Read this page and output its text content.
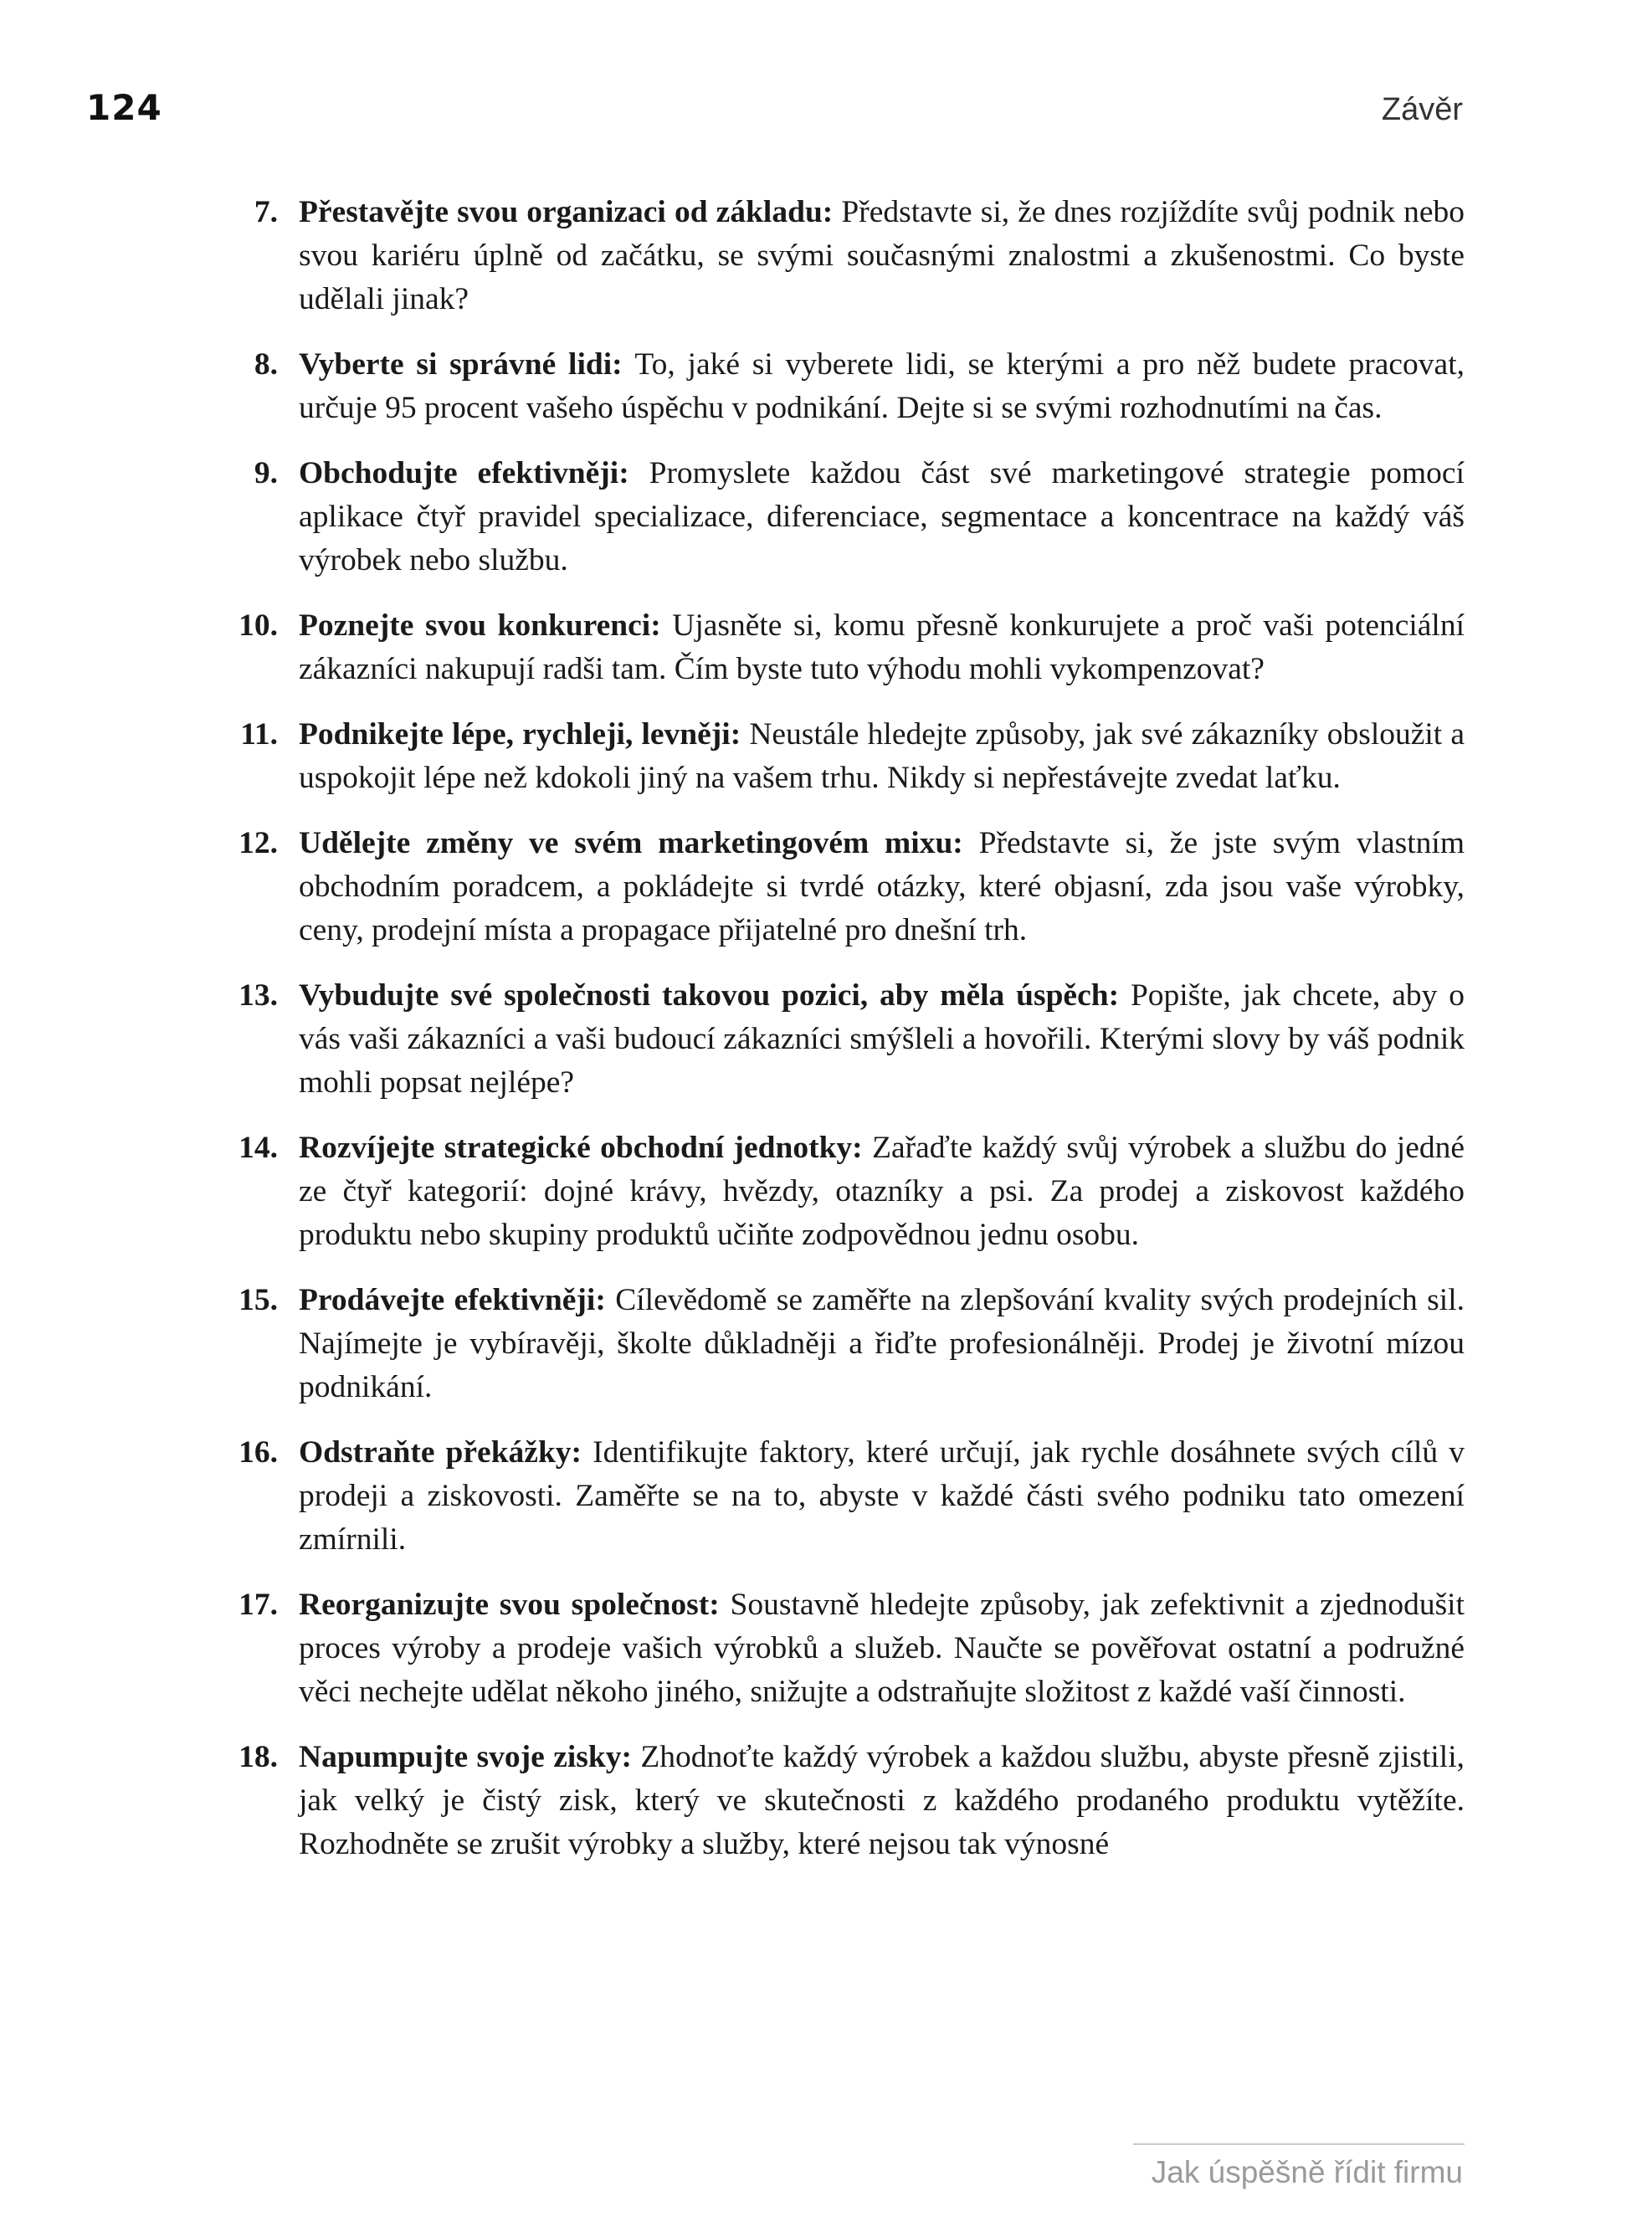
124	Závěr
7. Přestavějte svou organizaci od základu: Představte si, že dnes rozjíždíte svůj podnik nebo svou kariéru úplně od začátku, se svými současnými znalostmi a zkušenostmi. Co byste udělali jinak?
8. Vyberte si správné lidi: To, jaké si vyberete lidi, se kterými a pro něž budete pracovat, určuje 95 procent vašeho úspěchu v podnikání. Dejte si se svými rozhodnutími na čas.
9. Obchodujte efektivněji: Promyslete každou část své marketingové strategie pomocí aplikace čtyř pravidel specializace, diferenciace, segmentace a koncentrace na každý váš výrobek nebo službu.
10. Poznejte svou konkurenci: Ujasněte si, komu přesně konkurujete a proč vaši potenciální zákazníci nakupují radši tam. Čím byste tuto výhodu mohli vykompenzovat?
11. Podnikejte lépe, rychleji, levněji: Neustále hledejte způsoby, jak své zákazníky obsloužit a uspokojit lépe než kdokoli jiný na vašem trhu. Nikdy si nepřestávejte zvedat laťku.
12. Udělejte změny ve svém marketingovém mixu: Představte si, že jste svým vlastním obchodním poradcem, a pokládejte si tvrdé otázky, které objasní, zda jsou vaše výrobky, ceny, prodejní místa a propagace přijatelné pro dnešní trh.
13. Vybudujte své společnosti takovou pozici, aby měla úspěch: Popište, jak chcete, aby o vás vaši zákazníci a vaši budoucí zákazníci smýšleli a hovořili. Kterými slovy by váš podnik mohli popsat nejlépe?
14. Rozvíjejte strategické obchodní jednotky: Zařaďte každý svůj výrobek a službu do jedné ze čtyř kategorií: dojné krávy, hvězdy, otazníky a psi. Za prodej a ziskovost každého produktu nebo skupiny produktů učiňte zodpovědnou jednu osobu.
15. Prodávejte efektivněji: Cílevědomě se zaměřte na zlepšování kvality svých prodejních sil. Najímejte je vybíravěji, školte důkladněji a řiďte profesionálněji. Prodej je životní mízou podnikání.
16. Odstraňte překážky: Identifikujte faktory, které určují, jak rychle dosáhnete svých cílů v prodeji a ziskovosti. Zaměřte se na to, abyste v každé části svého podniku tato omezení zmírnili.
17. Reorganizujte svou společnost: Soustavně hledejte způsoby, jak zefektivnit a zjednodušit proces výroby a prodeje vašich výrobků a služeb. Naučte se pověřovat ostatní a podružné věci nechejte udělat někoho jiného, snižujte a odstraňujte složitost z každé vaší činnosti.
18. Napumpujte svoje zisky: Zhodnoťte každý výrobek a každou službu, abyste přesně zjistili, jak velký je čistý zisk, který ve skutečnosti z každého prodaného produktu vytěžíte. Rozhodněte se zrušit výrobky a služby, které nejsou tak výnosné
Jak úspěšně řídit firmu
